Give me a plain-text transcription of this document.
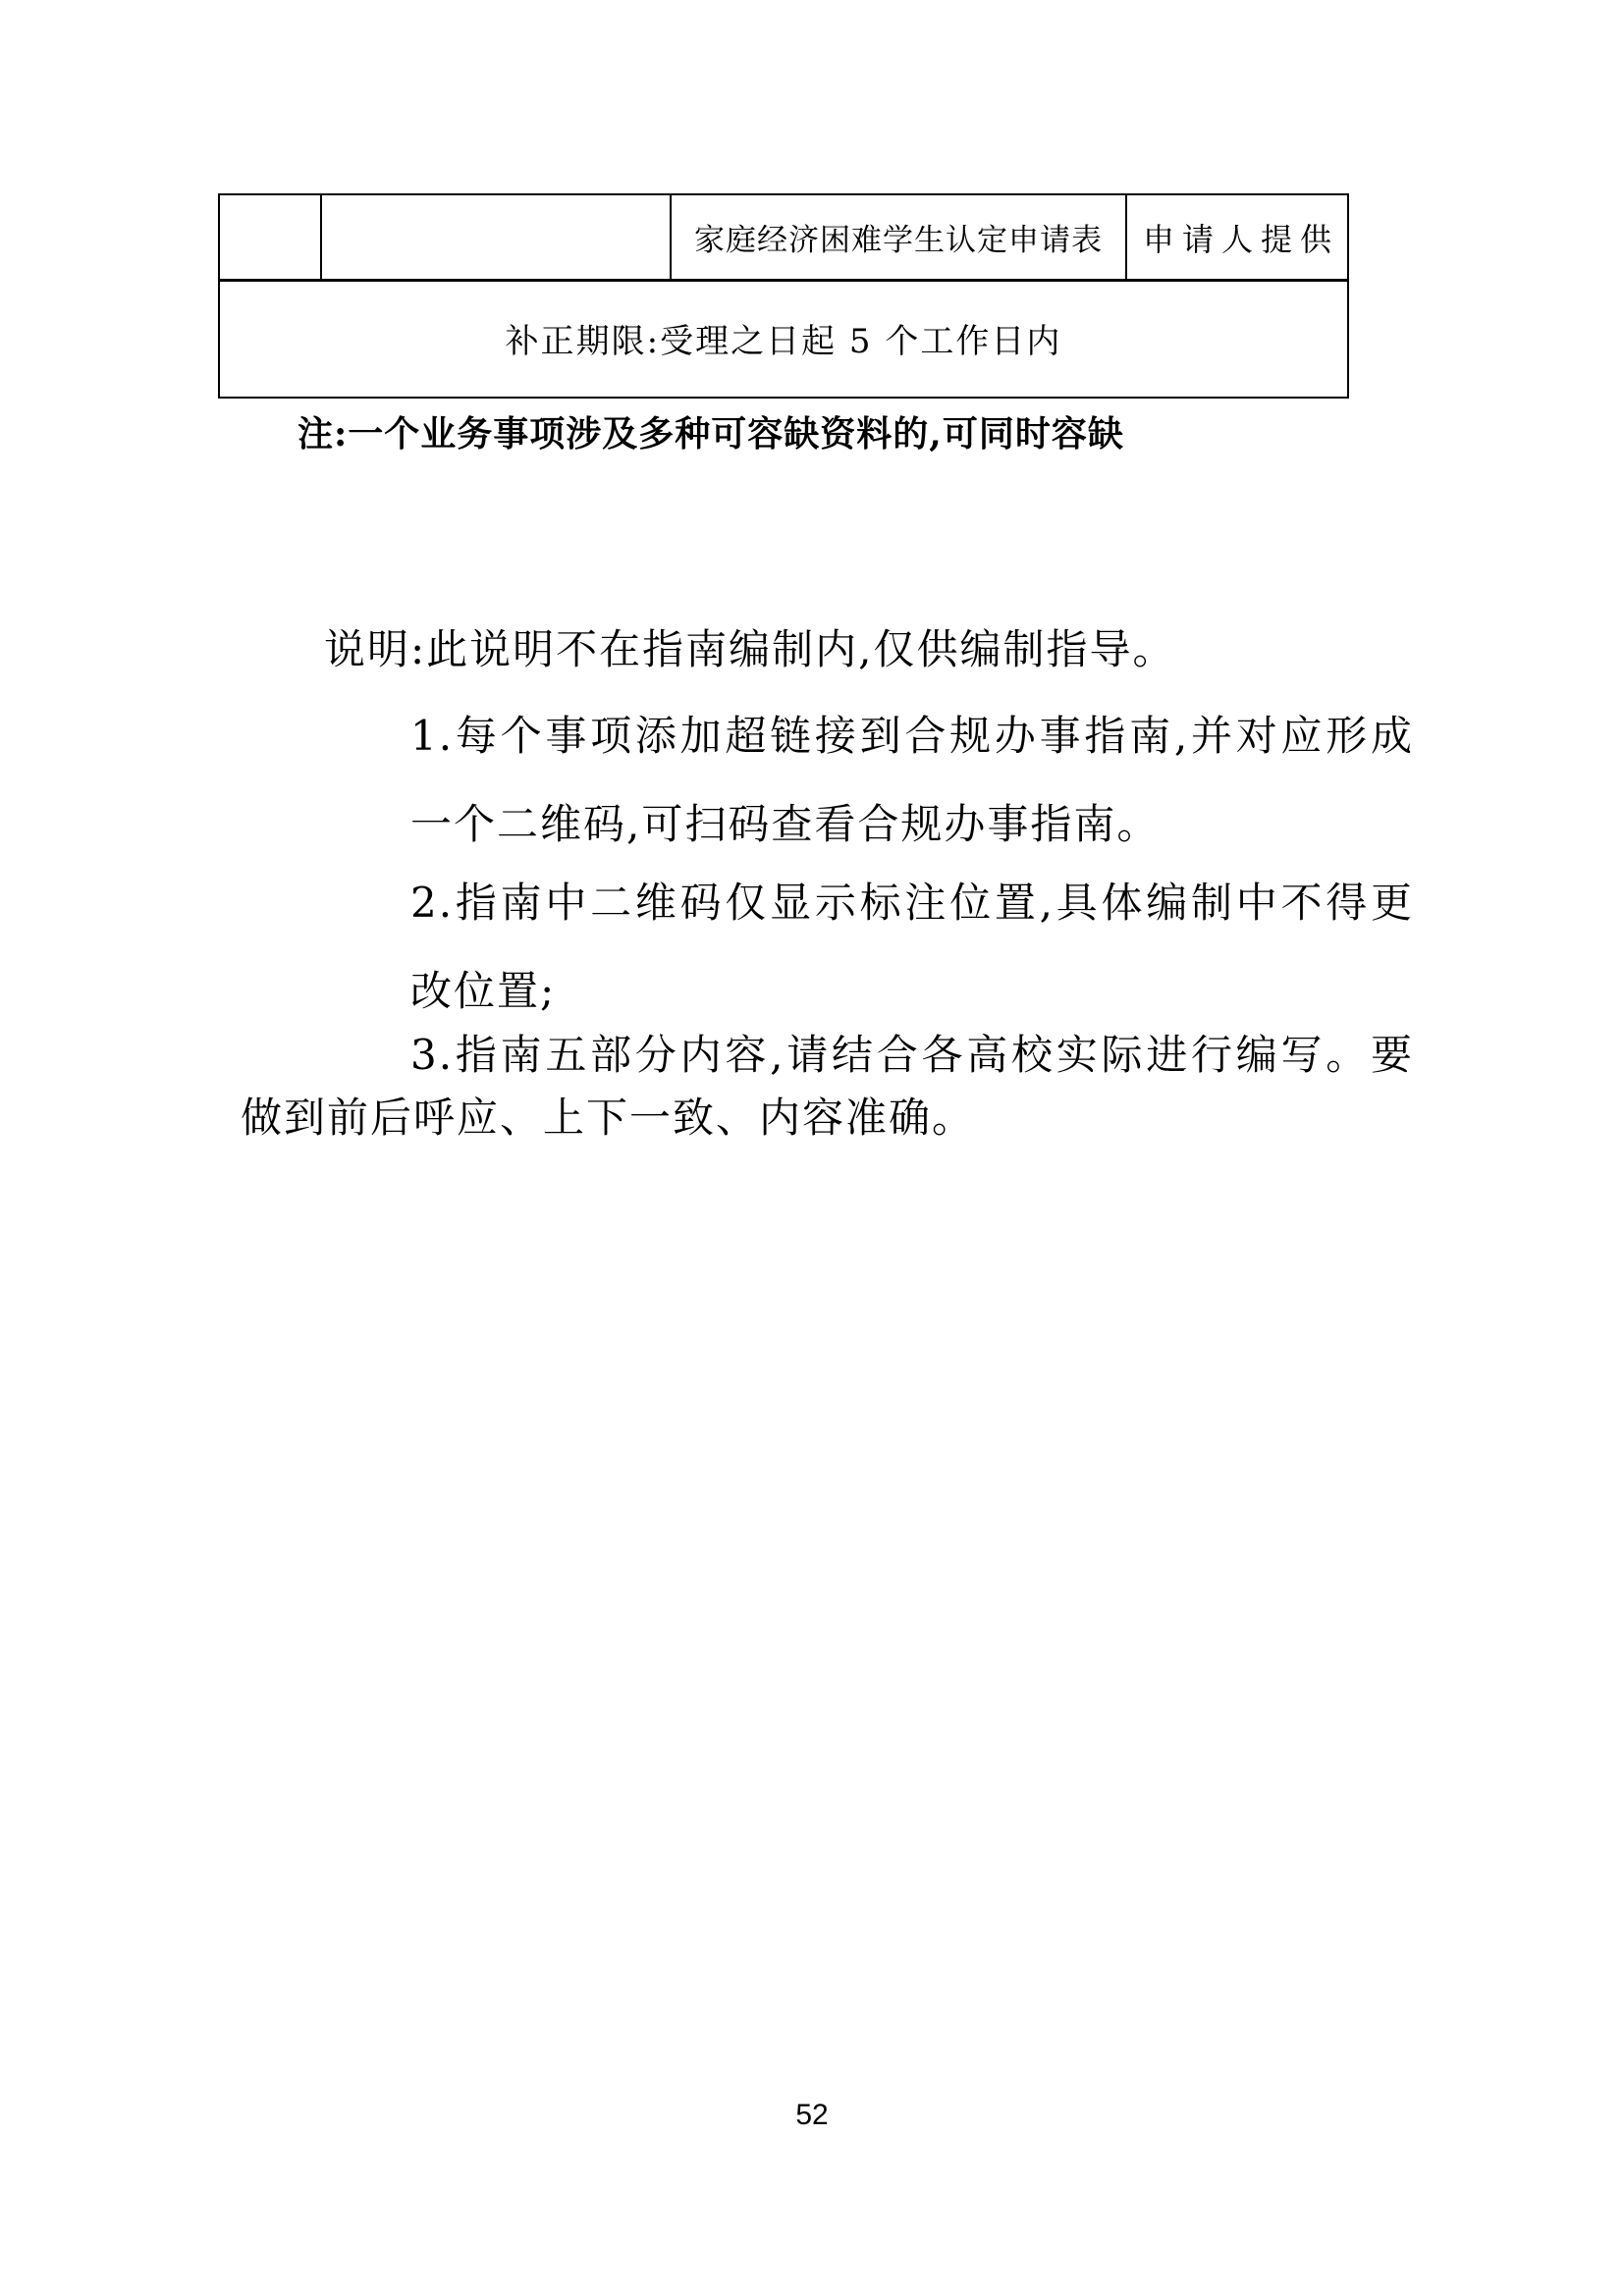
家庭经济困难学生认定申请表	申请人提供
补正期限:受理之日起 5 个工作日内
注:一个业务事项涉及多种可容缺资料的,可同时容缺
说明:此说明不在指南编制内,仅供编制指导。
1.每个事项添加超链接到合规办事指南,并对应形成
一个二维码,可扫码查看合规办事指南。
2.指南中二维码仅显示标注位置,具体编制中不得更
改位置;
3.指南五部分内容,请结合各高校实际进行编写。要
做到前后呼应、上下一致、内容准确。
52
